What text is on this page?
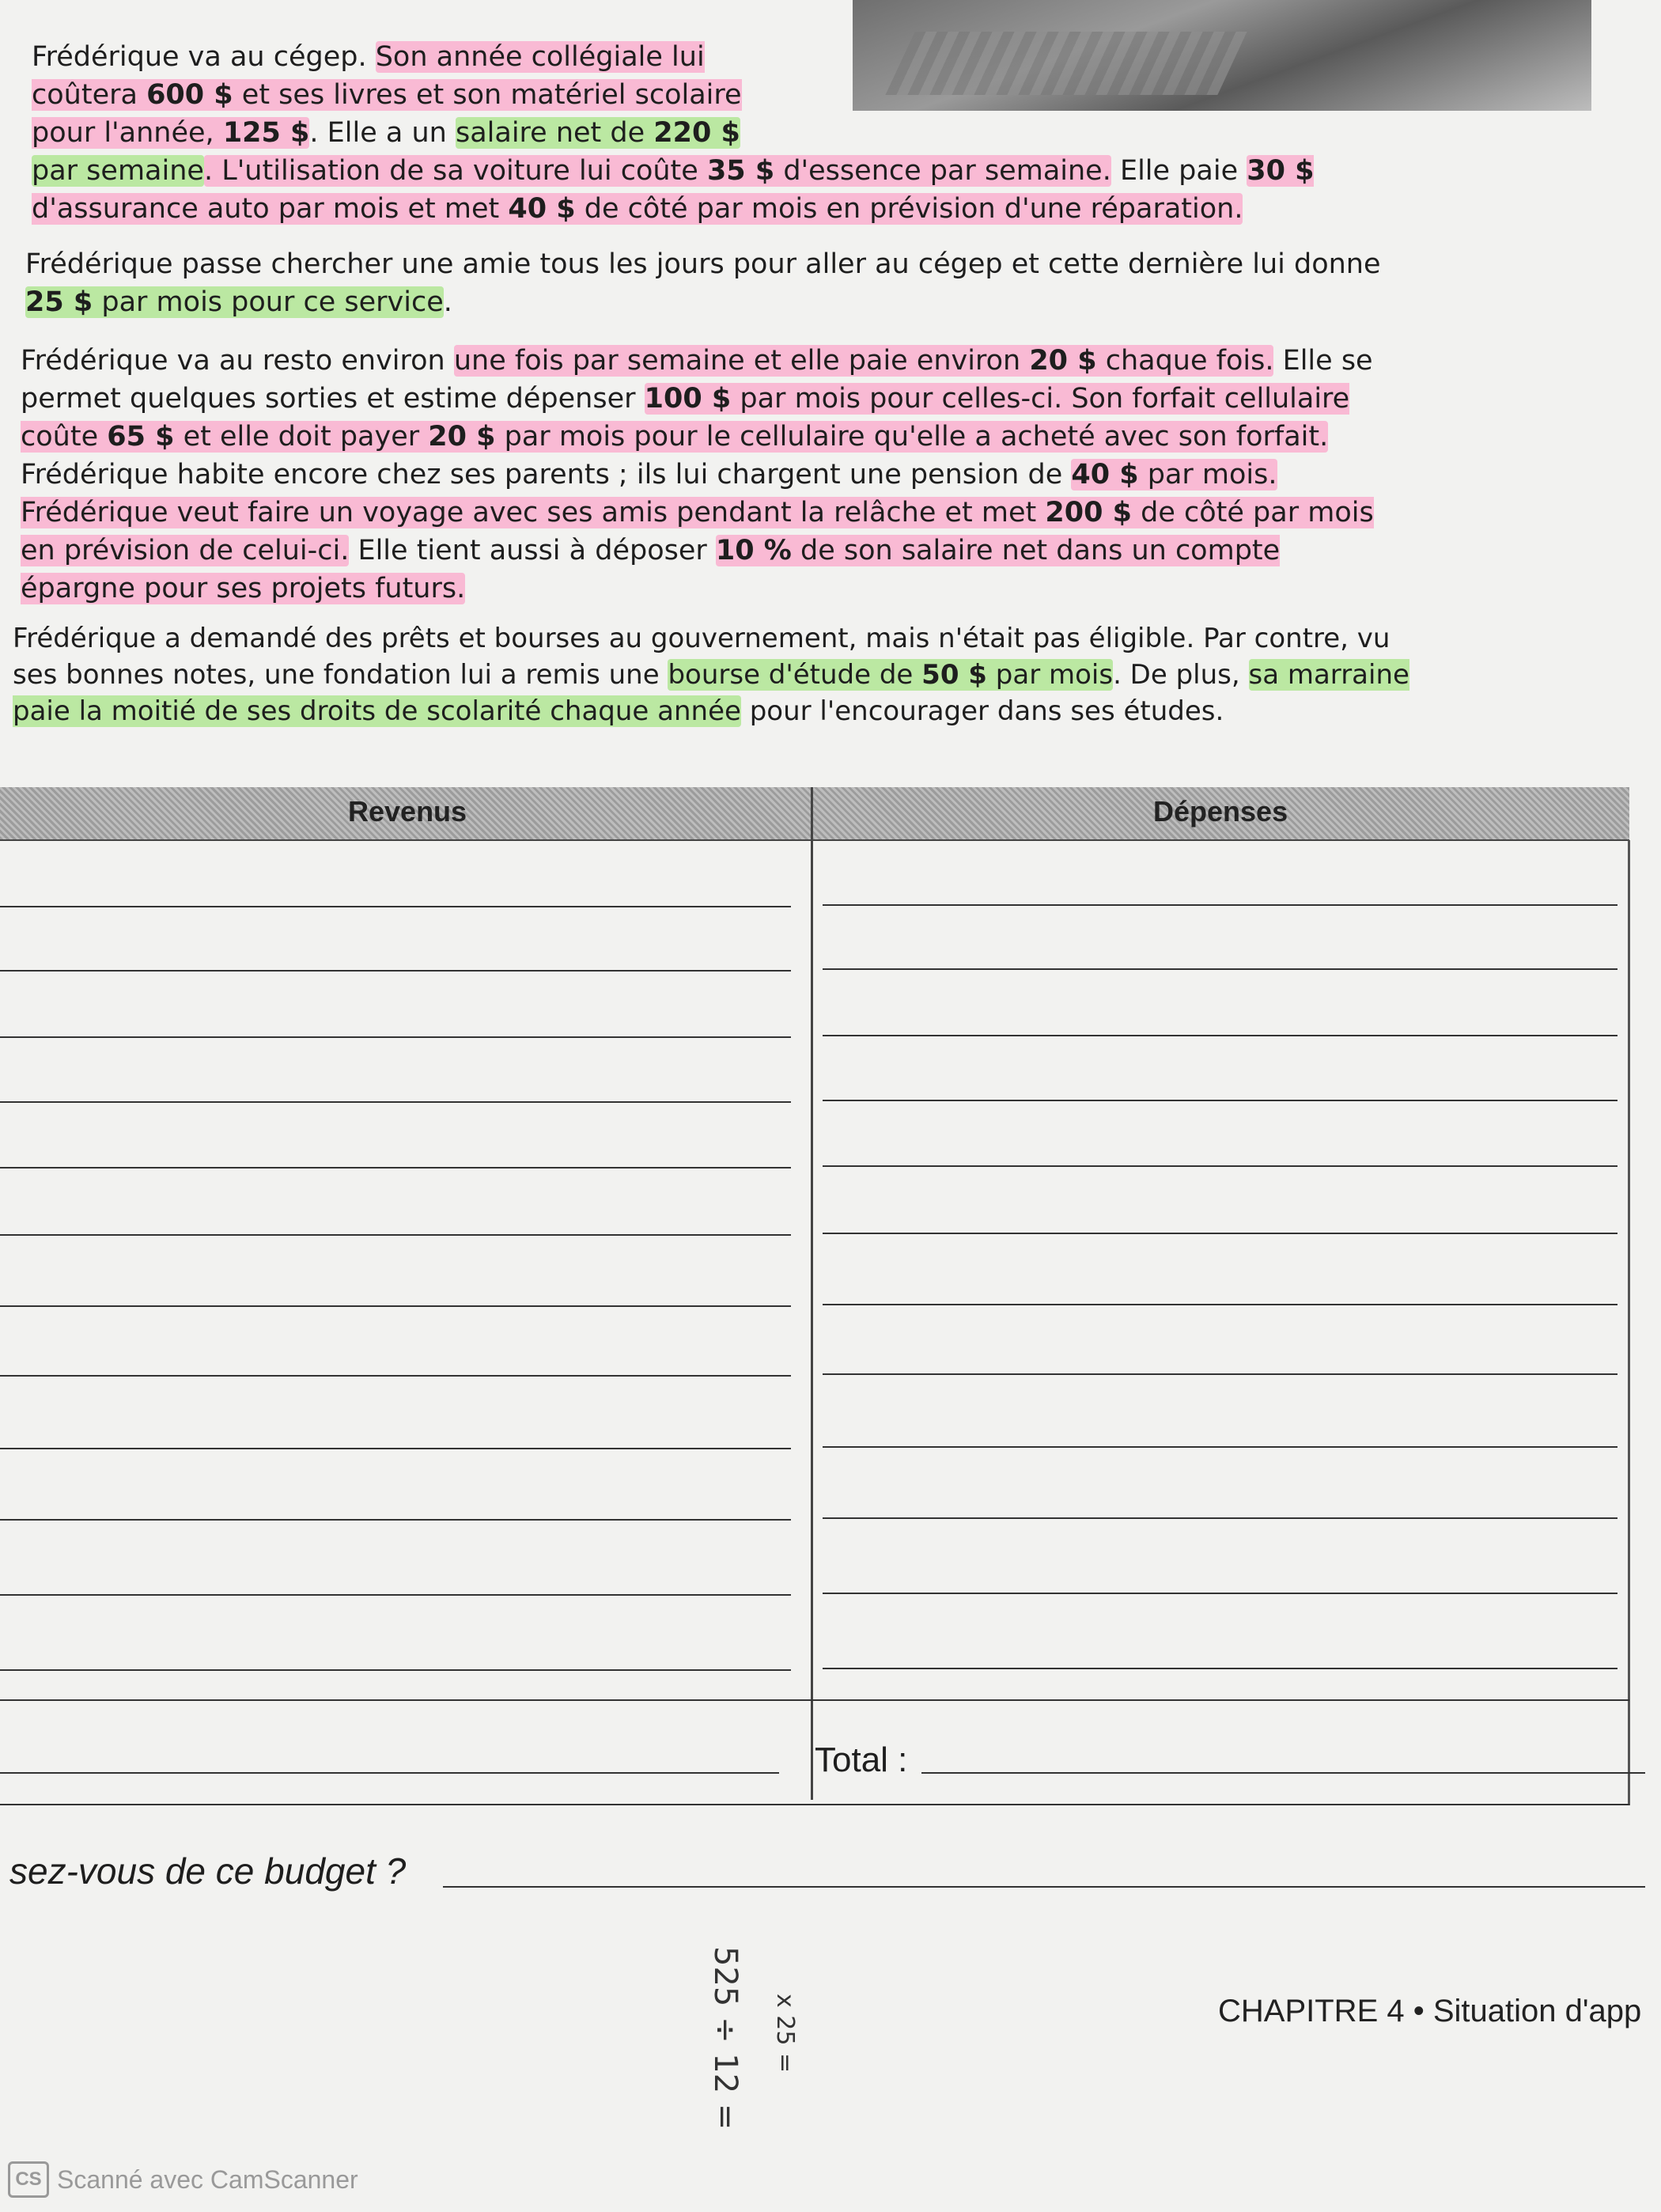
Frédérique va au cégep. Son année collégiale lui coûtera 600 $ et ses livres et son matériel scolaire pour l'année, 125 $. Elle a un salaire net de 220 $
par semaine. L'utilisation de sa voiture lui coûte 35 $ d'essence par semaine. Elle paie 30 $ d'assurance auto par mois et met 40 $ de côté par mois en prévision d'une réparation.

Frédérique passe chercher une amie tous les jours pour aller au cégep et cette dernière lui donne 25 $ par mois pour ce service.

Frédérique va au resto environ une fois par semaine et elle paie environ 20 $ chaque fois. Elle se permet quelques sorties et estime dépenser 100 $ par mois pour celles-ci. Son forfait cellulaire coûte 65 $ et elle doit payer 20 $ par mois pour le cellulaire qu'elle a acheté avec son forfait. Frédérique habite encore chez ses parents ; ils lui chargent une pension de 40 $ par mois. Frédérique veut faire un voyage avec ses amis pendant la relâche et met 200 $ de côté par mois en prévision de celui-ci. Elle tient aussi à déposer 10 % de son salaire net dans un compte épargne pour ses projets futurs.

Frédérique a demandé des prêts et bourses au gouvernement, mais n'était pas éligible. Par contre, vu ses bonnes notes, une fondation lui a remis une bourse d'étude de 50 $ par mois. De plus, sa marraine paie la moitié de ses droits de scolarité chaque année pour l'encourager dans ses études.

Revenus	Dépenses
Total :
sez-vous de ce budget ?
525 ÷ 12 = x 25 =	CHAPITRE 4 • Situation d'app
CS Scanné avec CamScanner
